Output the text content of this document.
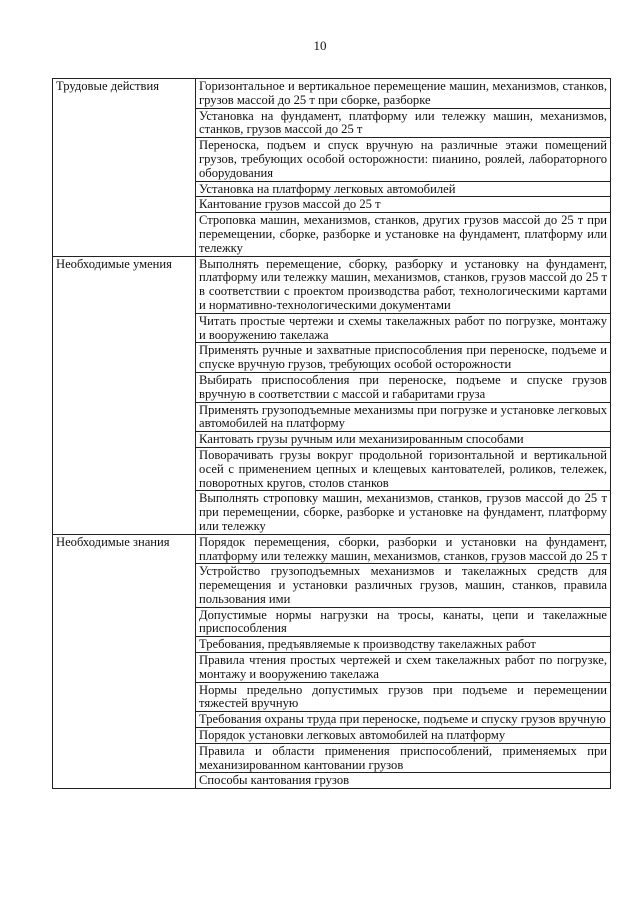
10
Трудовые действия	Горизонтальное и вертикальное перемещение машин, механизмов, станков, грузов массой до 25 т при сборке, разборке
	Установка на фундамент, платформу или тележку машин, механизмов, станков, грузов массой до 25 т
	Переноска, подъем и спуск вручную на различные этажи помещений грузов, требующих особой осторожности: пианино, роялей, лабораторного оборудования
	Установка на платформу легковых автомобилей
	Кантование грузов массой до 25 т
	Строповка машин, механизмов, станков, других грузов массой до 25 т при перемещении, сборке, разборке и установке на фундамент, платформу или тележку
Необходимые умения	Выполнять перемещение, сборку, разборку и установку на фундамент, платформу или тележку машин, механизмов, станков, грузов массой до 25 т в соответствии с проектом производства работ, технологическими картами и нормативно-технологическими документами
	Читать простые чертежи и схемы такелажных работ по погрузке, монтажу и вооружению такелажа
	Применять ручные и захватные приспособления при переноске, подъеме и спуске вручную грузов, требующих особой осторожности
	Выбирать приспособления при переноске, подъеме и спуске грузов вручную в соответствии с массой и габаритами груза
	Применять грузоподъемные механизмы при погрузке и установке легковых автомобилей на платформу
	Кантовать грузы ручным или механизированным способами
	Поворачивать грузы вокруг продольной горизонтальной и вертикальной осей с применением цепных и клещевых кантователей, роликов, тележек, поворотных кругов, столов станков
	Выполнять строповку машин, механизмов, станков, грузов массой до 25 т при перемещении, сборке, разборке и установке на фундамент, платформу или тележку
Необходимые знания	Порядок перемещения, сборки, разборки и установки на фундамент, платформу или тележку машин, механизмов, станков, грузов массой до 25 т
	Устройство грузоподъемных механизмов и такелажных средств для перемещения и установки различных грузов, машин, станков, правила пользования ими
	Допустимые нормы нагрузки на тросы, канаты, цепи и такелажные приспособления
	Требования, предъявляемые к производству такелажных работ
	Правила чтения простых чертежей и схем такелажных работ по погрузке, монтажу и вооружению такелажа
	Нормы предельно допустимых грузов при подъеме и перемещении тяжестей вручную
	Требования охраны труда при переноске, подъеме и спуску грузов вручную
	Порядок установки легковых автомобилей на платформу
	Правила и области применения приспособлений, применяемых при механизированном кантовании грузов
	Способы кантования грузов
